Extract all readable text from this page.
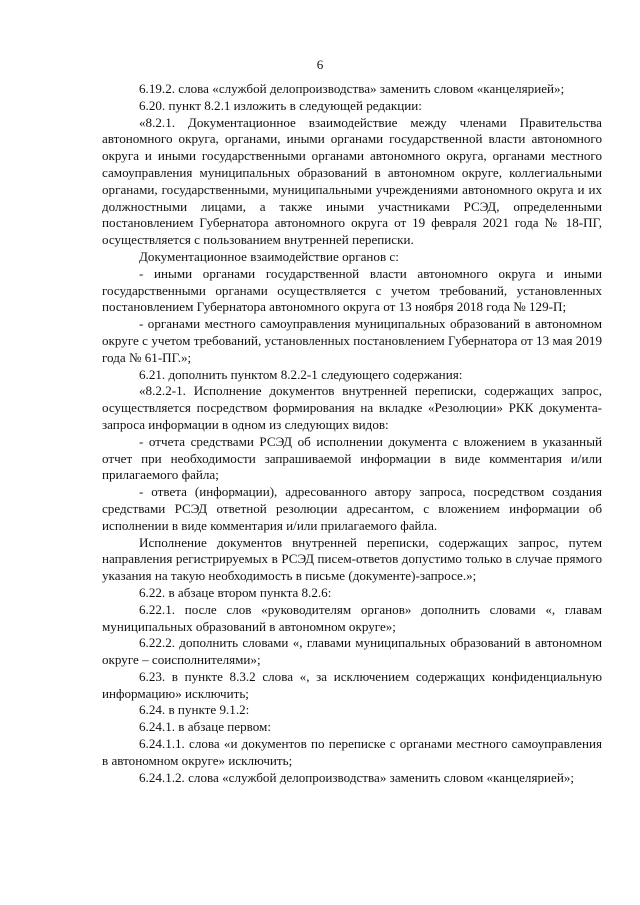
6

6.19.2. слова «службой делопроизводства» заменить словом «канцелярией»;

6.20. пункт 8.2.1 изложить в следующей редакции:

«8.2.1. Документационное взаимодействие между членами Правительства автономного округа, органами, иными органами государственной власти автономного округа и иными государственными органами автономного округа, органами местного самоуправления муниципальных образований в автономном округе, коллегиальными органами, государственными, муниципальными учреждениями автономного округа и их должностными лицами, а также иными участниками РСЭД, определенными постановлением Губернатора автономного округа от 19 февраля 2021 года № 18-ПГ, осуществляется с пользованием внутренней переписки.

Документационное взаимодействие органов с:

- иными органами государственной власти автономного округа и иными государственными органами осуществляется с учетом требований, установленных постановлением Губернатора автономного округа от 13 ноября 2018 года № 129-П;

- органами местного самоуправления муниципальных образований в автономном округе с учетом требований, установленных постановлением Губернатора от 13 мая 2019 года № 61-ПГ.»;

6.21. дополнить пунктом 8.2.2-1 следующего содержания:

«8.2.2-1. Исполнение документов внутренней переписки, содержащих запрос, осуществляется посредством формирования на вкладке «Резолюции» РКК документа-запроса информации в одном из следующих видов:

- отчета средствами РСЭД об исполнении документа с вложением в указанный отчет при необходимости запрашиваемой информации в виде комментария и/или прилагаемого файла;

- ответа (информации), адресованного автору запроса, посредством создания средствами РСЭД ответной резолюции адресантом, с вложением информации об исполнении в виде комментария и/или прилагаемого файла.

Исполнение документов внутренней переписки, содержащих запрос, путем направления регистрируемых в РСЭД писем-ответов допустимо только в случае прямого указания на такую необходимость в письме (документе)-запросе.»;

6.22. в абзаце втором пункта 8.2.6:

6.22.1. после слов «руководителям органов» дополнить словами «, главам муниципальных образований в автономном округе»;

6.22.2. дополнить словами «, главами муниципальных образований в автономном округе – соисполнителями»;

6.23. в пункте 8.3.2 слова «, за исключением содержащих конфиденциальную информацию» исключить;

6.24. в пункте 9.1.2:

6.24.1. в абзаце первом:

6.24.1.1. слова «и документов по переписке с органами местного самоуправления в автономном округе» исключить;

6.24.1.2. слова «службой делопроизводства» заменить словом «канцелярией»;
